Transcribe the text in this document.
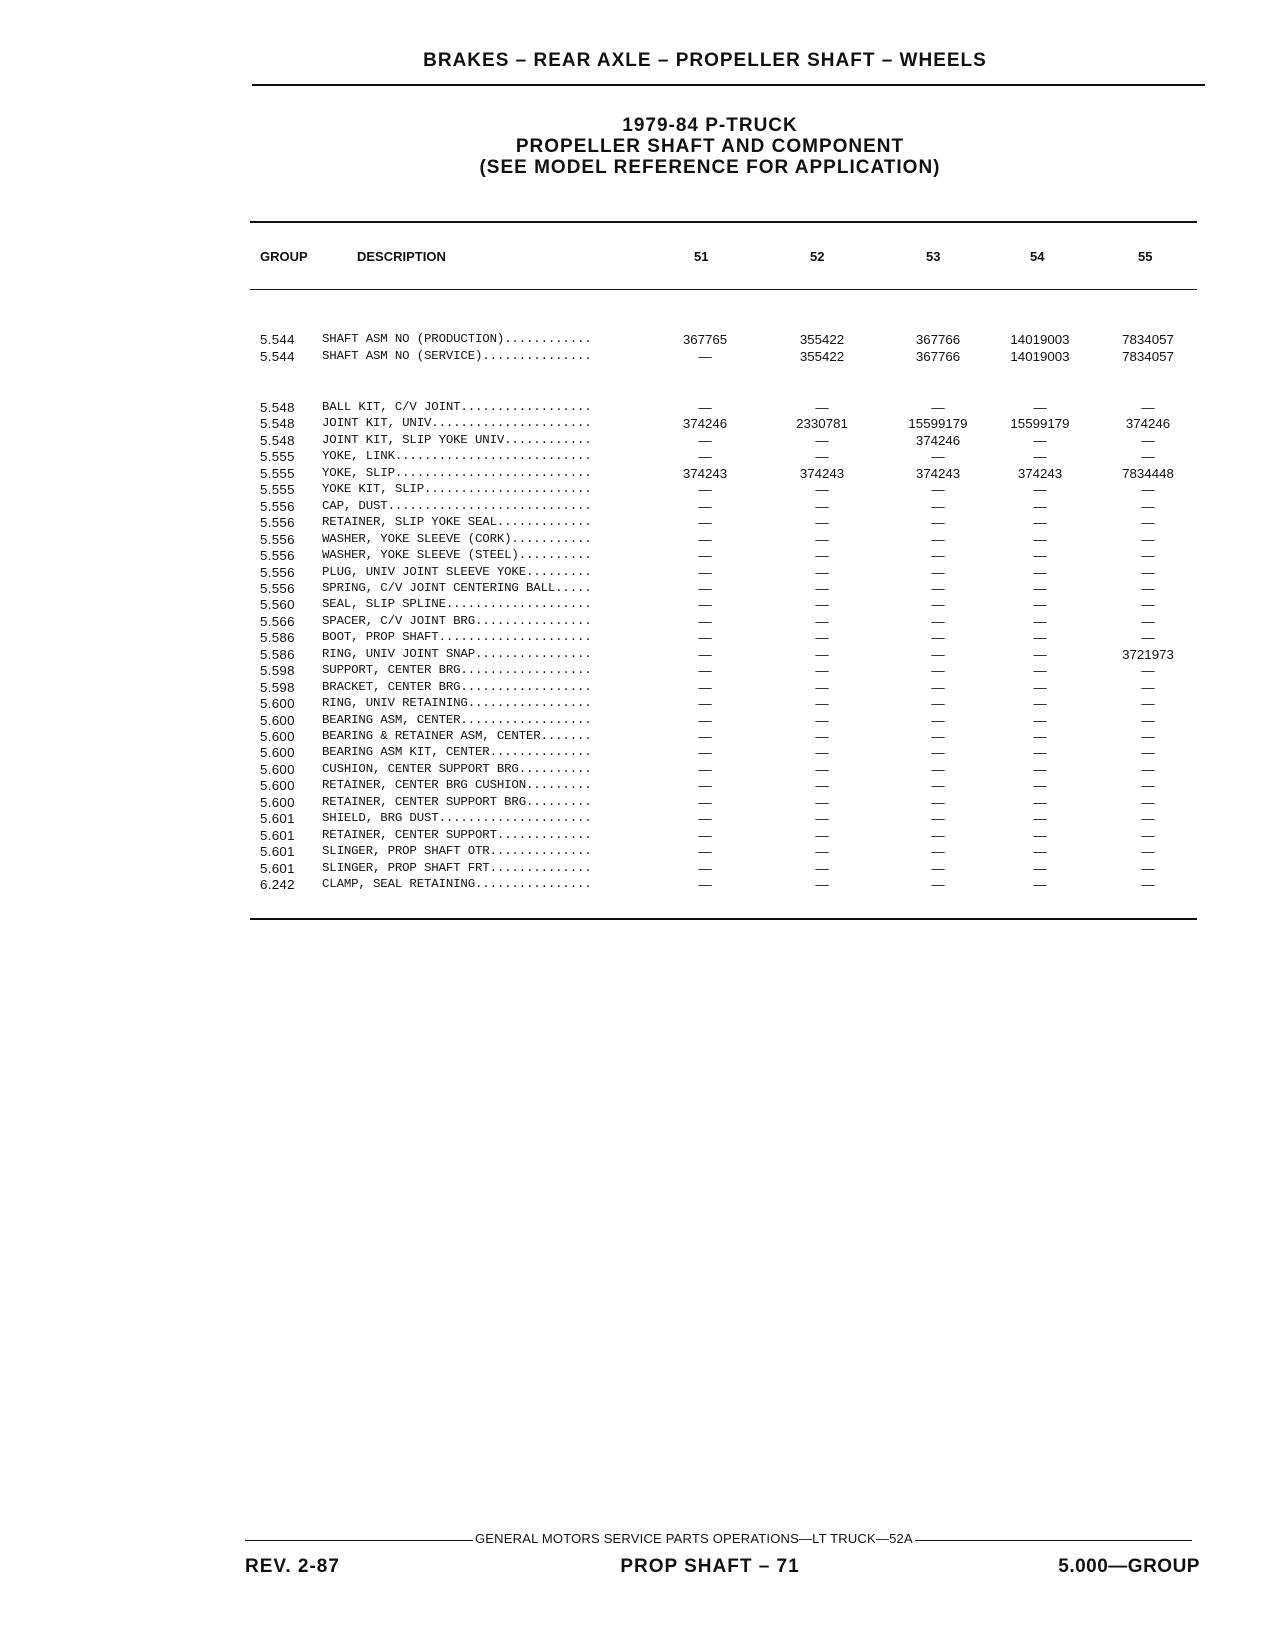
BRAKES – REAR AXLE – PROPELLER SHAFT – WHEELS
1979-84 P-TRUCK
PROPELLER SHAFT AND COMPONENT
(SEE MODEL REFERENCE FOR APPLICATION)
GROUP	DESCRIPTION	51	52	53	54	55
5.544	SHAFT ASM NO (PRODUCTION)............	367765	355422	367766	14019003	7834057
5.544	SHAFT ASM NO (SERVICE)...............	—	355422	367766	14019003	7834057
5.548	BALL KIT, C/V JOINT..................	—	—	—	—	—
5.548	JOINT KIT, UNIV......................	374246	2330781	15599179	15599179	374246
5.548	JOINT KIT, SLIP YOKE UNIV............	—	—	374246	—	—
5.555	YOKE, LINK...........................	—	—	—	—	—
5.555	YOKE, SLIP...........................	374243	374243	374243	374243	7834448
5.555	YOKE KIT, SLIP.......................	—	—	—	—	—
5.556	CAP, DUST............................	—	—	—	—	—
5.556	RETAINER, SLIP YOKE SEAL.............	—	—	—	—	—
5.556	WASHER, YOKE SLEEVE (CORK)...........	—	—	—	—	—
5.556	WASHER, YOKE SLEEVE (STEEL)..........	—	—	—	—	—
5.556	PLUG, UNIV JOINT SLEEVE YOKE.........	—	—	—	—	—
5.556	SPRING, C/V JOINT CENTERING BALL.....	—	—	—	—	—
5.560	SEAL, SLIP SPLINE....................	—	—	—	—	—
5.566	SPACER, C/V JOINT BRG................	—	—	—	—	—
5.586	BOOT, PROP SHAFT.....................	—	—	—	—	—
5.586	RING, UNIV JOINT SNAP................	—	—	—	—	3721973
5.598	SUPPORT, CENTER BRG..................	—	—	—	—	—
5.598	BRACKET, CENTER BRG..................	—	—	—	—	—
5.600	RING, UNIV RETAINING.................	—	—	—	—	—
5.600	BEARING ASM, CENTER..................	—	—	—	—	—
5.600	BEARING & RETAINER ASM, CENTER.......	—	—	—	—	—
5.600	BEARING ASM KIT, CENTER..............	—	—	—	—	—
5.600	CUSHION, CENTER SUPPORT BRG..........	—	—	—	—	—
5.600	RETAINER, CENTER BRG CUSHION.........	—	—	—	—	—
5.600	RETAINER, CENTER SUPPORT BRG.........	—	—	—	—	—
5.601	SHIELD, BRG DUST.....................	—	—	—	—	—
5.601	RETAINER, CENTER SUPPORT.............	—	—	—	—	—
5.601	SLINGER, PROP SHAFT OTR..............	—	—	—	—	—
5.601	SLINGER, PROP SHAFT FRT..............	—	—	—	—	—
6.242	CLAMP, SEAL RETAINING................	—	—	—	—	—
GENERAL MOTORS SERVICE PARTS OPERATIONS—LT TRUCK—52A
REV. 2-87	PROP SHAFT – 71	5.000—GROUP
